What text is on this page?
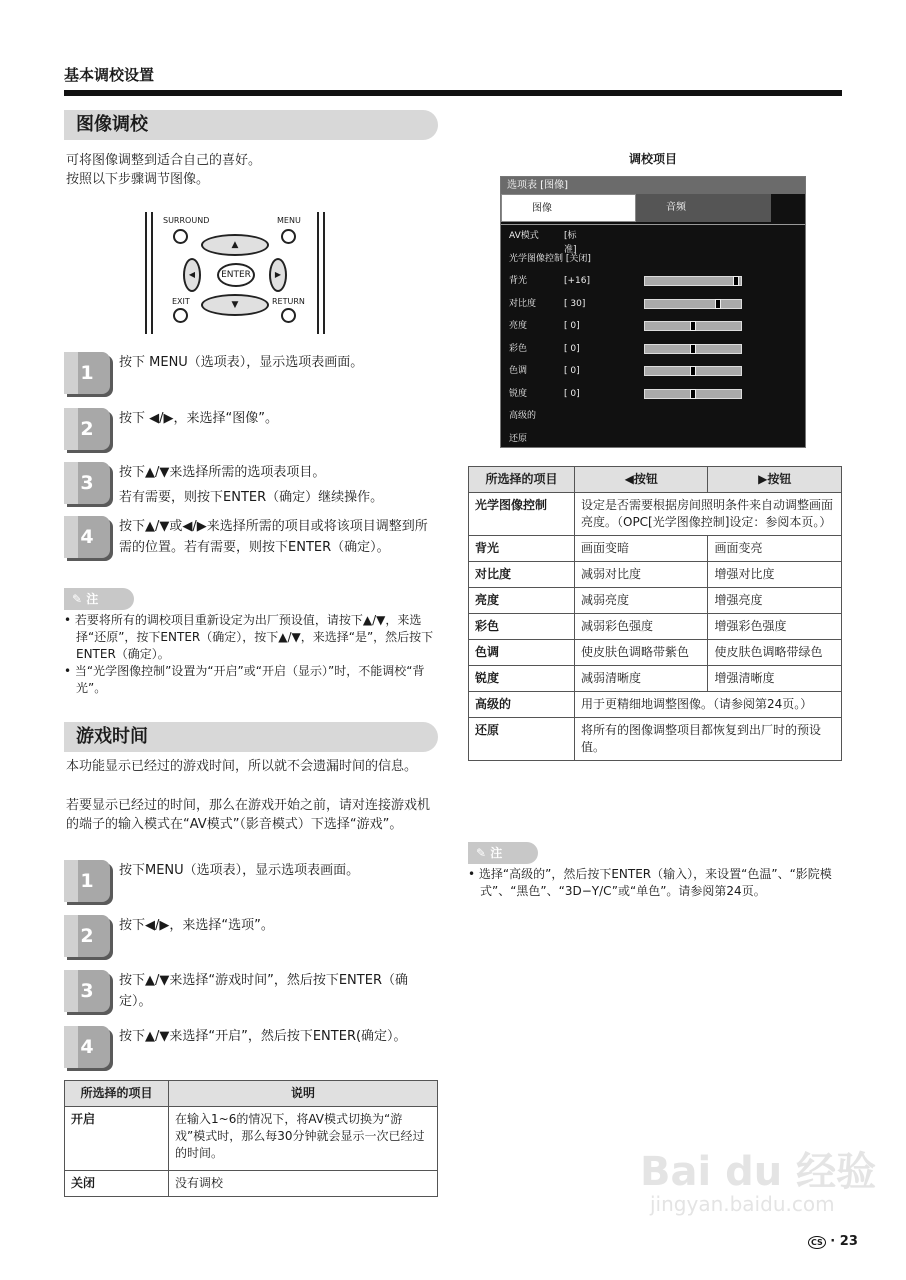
基本调校设置
图像调校
可将图像调整到适合自己的喜好。
按照以下步骤调节图像。
SURROUND	MENU
▲
◀	▶
ENTER
▼
EXIT	RETURN
1	按下 MENU（选项表），显示选项表画面。
2	按下 ◀/▶，来选择“图像”。
3	按下▲/▼来选择所需的选项表项目。
若有需要，则按下ENTER（确定）继续操作。
4	按下▲/▼或◀/▶来选择所需的项目或将该项目调整到所需的位置。若有需要，则按下ENTER（确定）。
✎ 注
• 若要将所有的调校项目重新设定为出厂预设值，请按下▲/▼，来选择“还原”，按下ENTER（确定），按下▲/▼，来选择“是”，然后按下ENTER（确定）。
• 当“光学图像控制”设置为“开启”或“开启（显示）”时，不能调校“背光”。
游戏时间
本功能显示已经过的游戏时间，所以就不会遗漏时间的信息。
若要显示已经过的时间，那么在游戏开始之前，请对连接游戏机的端子的输入模式在“AV模式”（影音模式）下选择“游戏”。
1	按下MENU（选项表），显示选项表画面。
2	按下◀/▶，来选择“选项”。
3	按下▲/▼来选择“游戏时间”，然后按下ENTER（确定）。
4	按下▲/▼来选择“开启”，然后按下ENTER(确定）。
所选择的项目	说明
开启	在输入1~6的情况下，将AV模式切换为“游戏”模式时，那么每30分钟就会显示一次已经过的时间。
关闭	没有调校
调校项目
选项表 [图像]
图像	音频
AV模式	[标准]
光学图像控制 [关闭]
背光	[+16]
对比度	[ 30]
亮度	[ 0]
彩色	[ 0]
色调	[ 0]
锐度	[ 0]
高级的
还原
所选择的项目	◀按钮	▶按钮
光学图像控制	设定是否需要根据房间照明条件来自动调整画面亮度。（OPC[光学图像控制]设定：参阅本页。）	
背光	画面变暗	画面变亮
对比度	减弱对比度	增强对比度
亮度	减弱亮度	增强亮度
彩色	减弱彩色强度	增强彩色强度
色调	使皮肤色调略带紫色	使皮肤色调略带绿色
锐度	减弱清晰度	增强清晰度
高级的	用于更精细地调整图像。（请参阅第24页。）	
还原	将所有的图像调整项目都恢复到出厂时的预设值。	
✎ 注
• 选择“高级的”，然后按下ENTER（输入），来设置“色温”、“影院模式”、“黑色”、“3D−Y/C”或“单色”。请参阅第24页。
Bai du 经验
jingyan.baidu.com
CS · 23
